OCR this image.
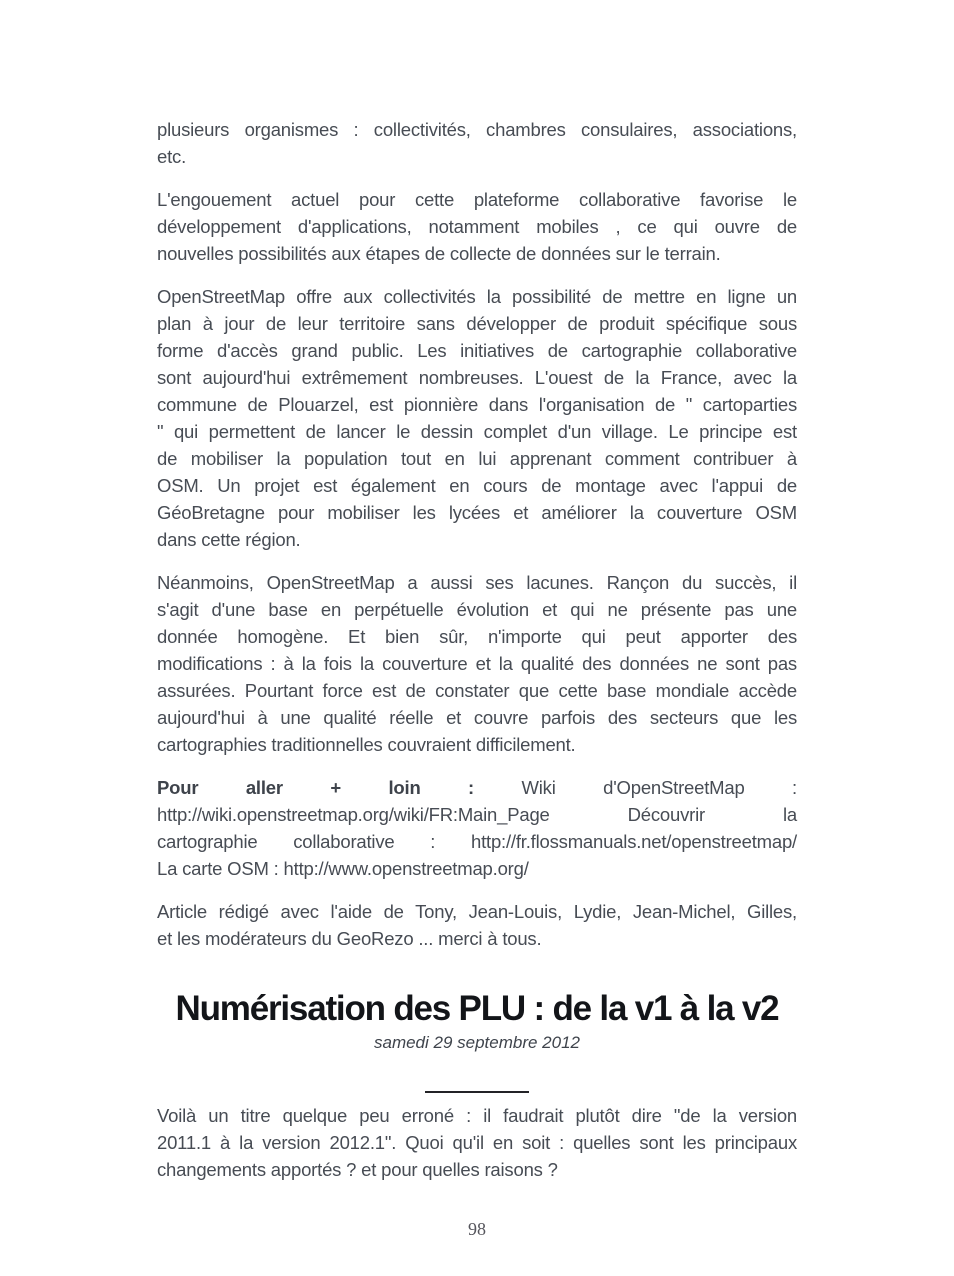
plusieurs organismes : collectivités, chambres consulaires, associations,
etc.
L'engouement actuel pour cette plateforme collaborative favorise le
développement d'applications, notamment mobiles , ce qui ouvre de
nouvelles possibilités aux étapes de collecte de données sur le terrain.
OpenStreetMap offre aux collectivités la possibilité de mettre en ligne un
plan à jour de leur territoire sans développer de produit spécifique sous
forme d'accès grand public. Les initiatives de cartographie collaborative
sont aujourd'hui extrêmement nombreuses. L'ouest de la France, avec la
commune de Plouarzel, est pionnière dans l'organisation de " cartoparties
" qui permettent de lancer le dessin complet d'un village. Le principe est
de mobiliser la population tout en lui apprenant comment contribuer à
OSM. Un projet est également en cours de montage avec l'appui de
GéoBretagne pour mobiliser les lycées et améliorer la couverture OSM
dans cette région.
Néanmoins, OpenStreetMap a aussi ses lacunes. Rançon du succès, il
s'agit d'une base en perpétuelle évolution et qui ne présente pas une
donnée homogène. Et bien sûr, n'importe qui peut apporter des
modifications : à la fois la couverture et la qualité des données ne sont pas
assurées. Pourtant force est de constater que cette base mondiale accède
aujourd'hui à une qualité réelle et couvre parfois des secteurs que les
cartographies traditionnelles couvraient difficilement.
Pour aller + loin :	Wiki d'OpenStreetMap :
http://wiki.openstreetmap.org/wiki/FR:Main_Page Découvrir la
cartographie collaborative : http://fr.flossmanuals.net/openstreetmap/
La carte OSM : http://www.openstreetmap.org/
Article rédigé avec l'aide de Tony, Jean-Louis, Lydie, Jean-Michel, Gilles,
et les modérateurs du GeoRezo ... merci à tous.
Numérisation des PLU : de la v1 à la v2
samedi 29 septembre 2012
Voilà un titre quelque peu erroné : il faudrait plutôt dire "de la version
2011.1 à la version 2012.1". Quoi qu'il en soit : quelles sont les principaux
changements apportés ? et pour quelles raisons ?
98
